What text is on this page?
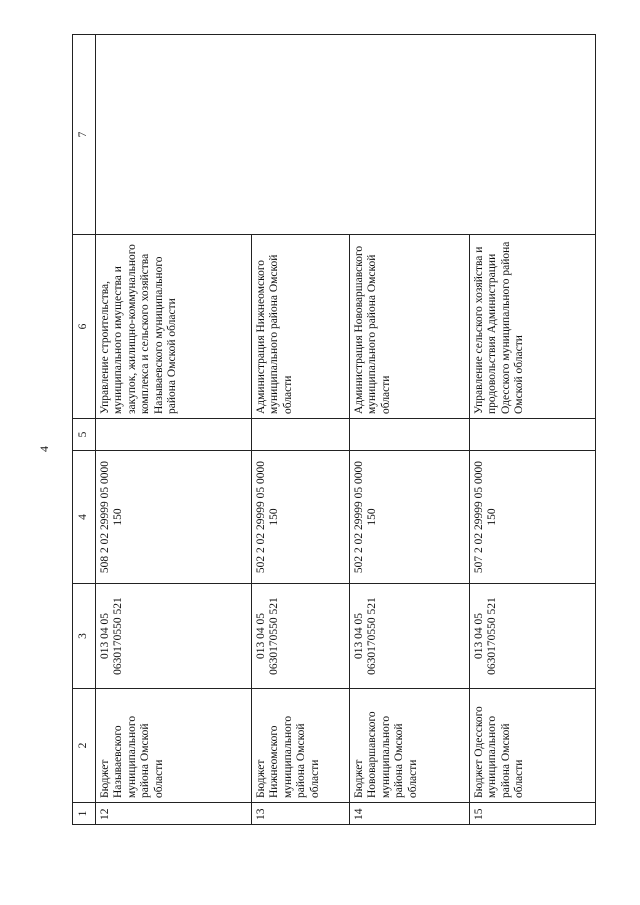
4
1	2	3	4	5	6	7
12	Бюджет Называевского муниципального района Омской области	013 04 05 0630170550 521	508 2 02 29999 05 0000 150		Управление строительства, муниципального имущества и закупок, жилищно-коммунального комплекса и сельского хозяйства Называевского муниципального района Омской области	
13	Бюджет Нижнеомского муниципального района Омской области	013 04 05 0630170550 521	502 2 02 29999 05 0000 150		Администрация Нижнеомского муниципального района Омской области	
14	Бюджет Нововаршавского муниципального района Омской области	013 04 05 0630170550 521	502 2 02 29999 05 0000 150		Администрация Нововаршавского муниципального района Омской области	
15	Бюджет Одесского муниципального района Омской области	013 04 05 0630170550 521	507 2 02 29999 05 0000 150		Управление сельского хозяйства и продовольствия Администрации Одесского муниципального района Омской области	
